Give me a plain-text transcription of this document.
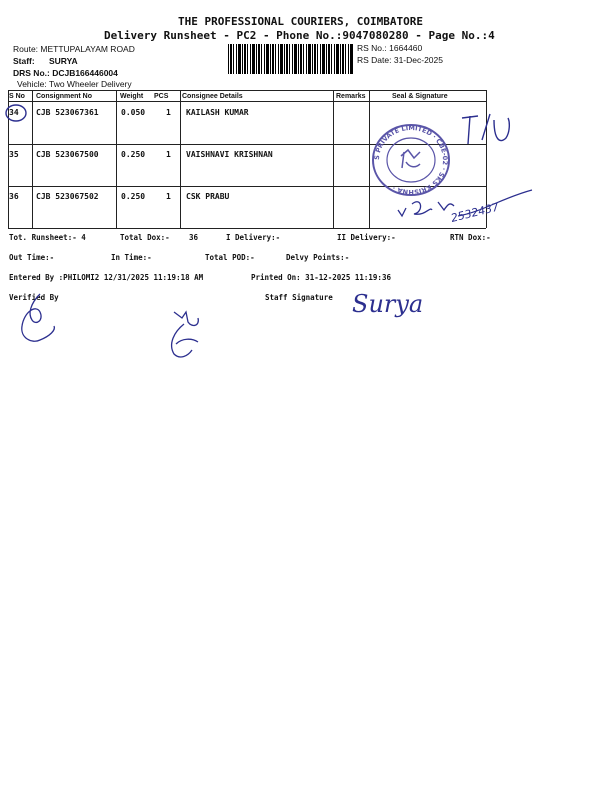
THE PROFESSIONAL COURIERS, COIMBATORE
Delivery Runsheet - PC2 - Phone No.:9047080280 - Page No.:4
Route: METTUPALAYAM ROAD
Staff: SURYA
DRS No.: DCJB166446004
Vehicle: Two Wheeler Delivery
RS No.: 1664460
RS Date: 31-Dec-2025
S No Consignment No	Weight PCS Consignee Details	Remarks	Seal & Signature
34 CJB 523067361	0.050	1 KAILASH KUMAR
35 CJB 523067500	0.250	1 VAISHNAVI KRISHNAN
36 CJB 523067502	0.250	1 CSK PRABU
Tot. Runsheet:- 4	Total Dox:-	36	I Delivery:-	II Delivery:-	RTN Dox:-
Out Time:-	In Time:-	Total POD:-	Delvy Points:-
Entered By :PHILOMI2 12/31/2025 11:19:18 AM	Printed On: 31-12-2025 11:19:36
Verified By	Staff Signature
S PRIVATE LIMITED · CBE-02 · SKS KRISHNA ·
T/U
2532437
Surya
